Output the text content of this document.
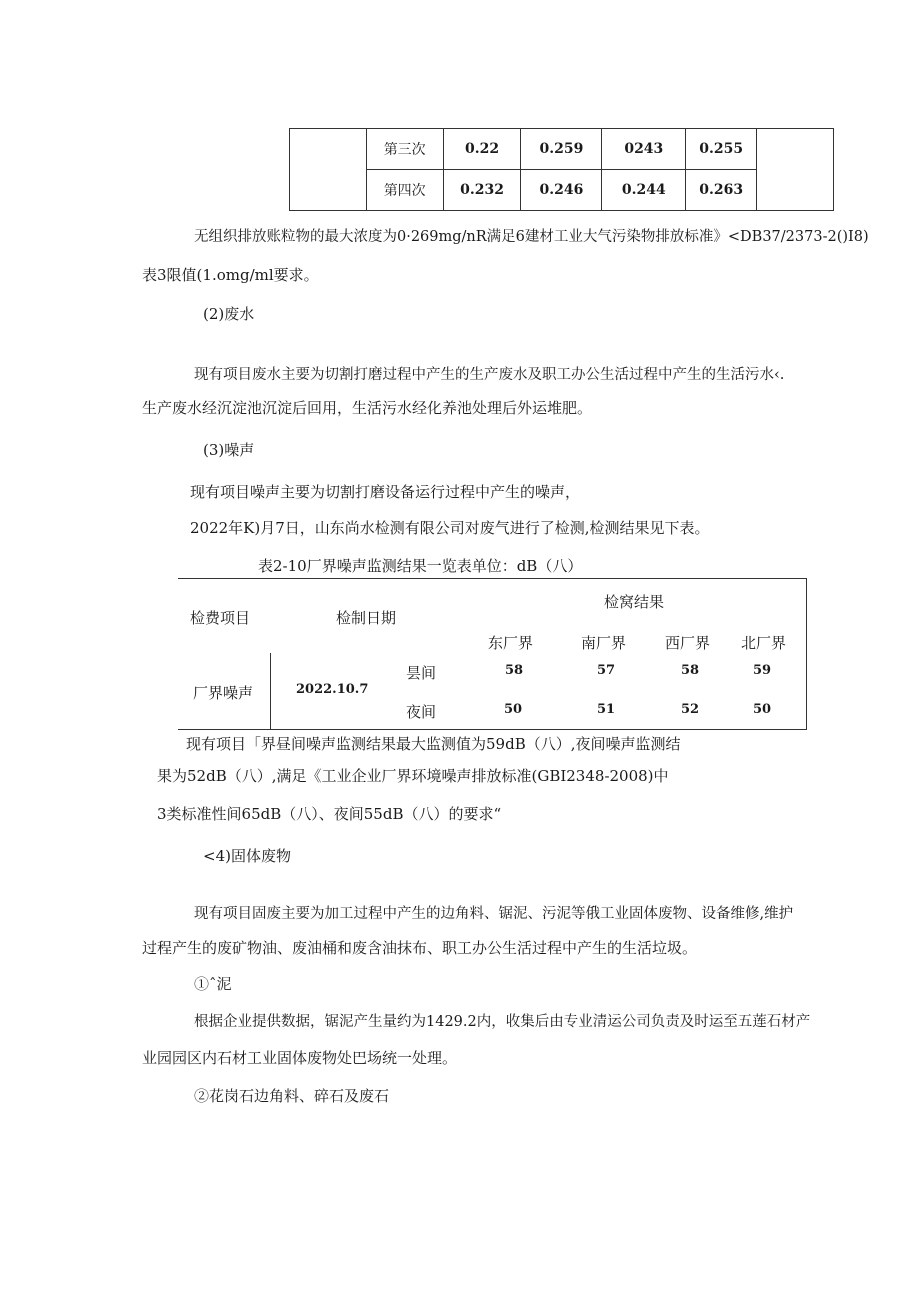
	第三次	0.22	0.259	0243	0.255	
	第四次	0.232	0.246	0.244	0.263	
无组织排放账粒物的最大浓度为0·269mg/nR满足6建材工业大气污染物排放标准》<DB37/2373-2()I8)
表3限值(1.omg/ml要求。
(2)废水
现有项目废水主要为切割打磨过程中产生的生产废水及职工办公生活过程中产生的生活污水‹.
生产废水经沉淀池沉淀后回用，生活污水经化养池处理后外运堆肥。
(3)噪声
现有项目噪声主要为切割打磨设备运行过程中产生的噪声，
2022年K)月7日，山东尚水检测有限公司对废气进行了检测,检测结果见下表。
表2-10厂界噪声监测结果一览表单位：dB（八）
检费项目	检制日期
检窝结果
东厂界	南厂界	西厂界 北厂界
厂界噪声	2022.10.7
昙间	58	57	58	59
夜间	50	51	52	50
现有项目「界昼间噪声监测结果最大监测值为59dB（八）,夜间噪声监测结
果为52dB（八）,满足《工业企业厂界环境噪声排放标准(GBI2348-2008)中
3类标准性间65dB（八）、夜间55dB（八）的要求“
<4)固体废物
现有项目固废主要为加工过程中产生的边角料、锯泥、污泥等俄工业固体废物、设备维修,维护
过程产生的废矿物油、废油桶和废含油抹布、职工办公生活过程中产生的生活垃圾。
①ˆ泥
根据企业提供数据，锯泥产生量约为1429.2内，收集后由专业清运公司负责及时运至五莲石材产
业园园区内石材工业固体废物处巴场统一处理。
②花岗石边角料、碎石及废石
